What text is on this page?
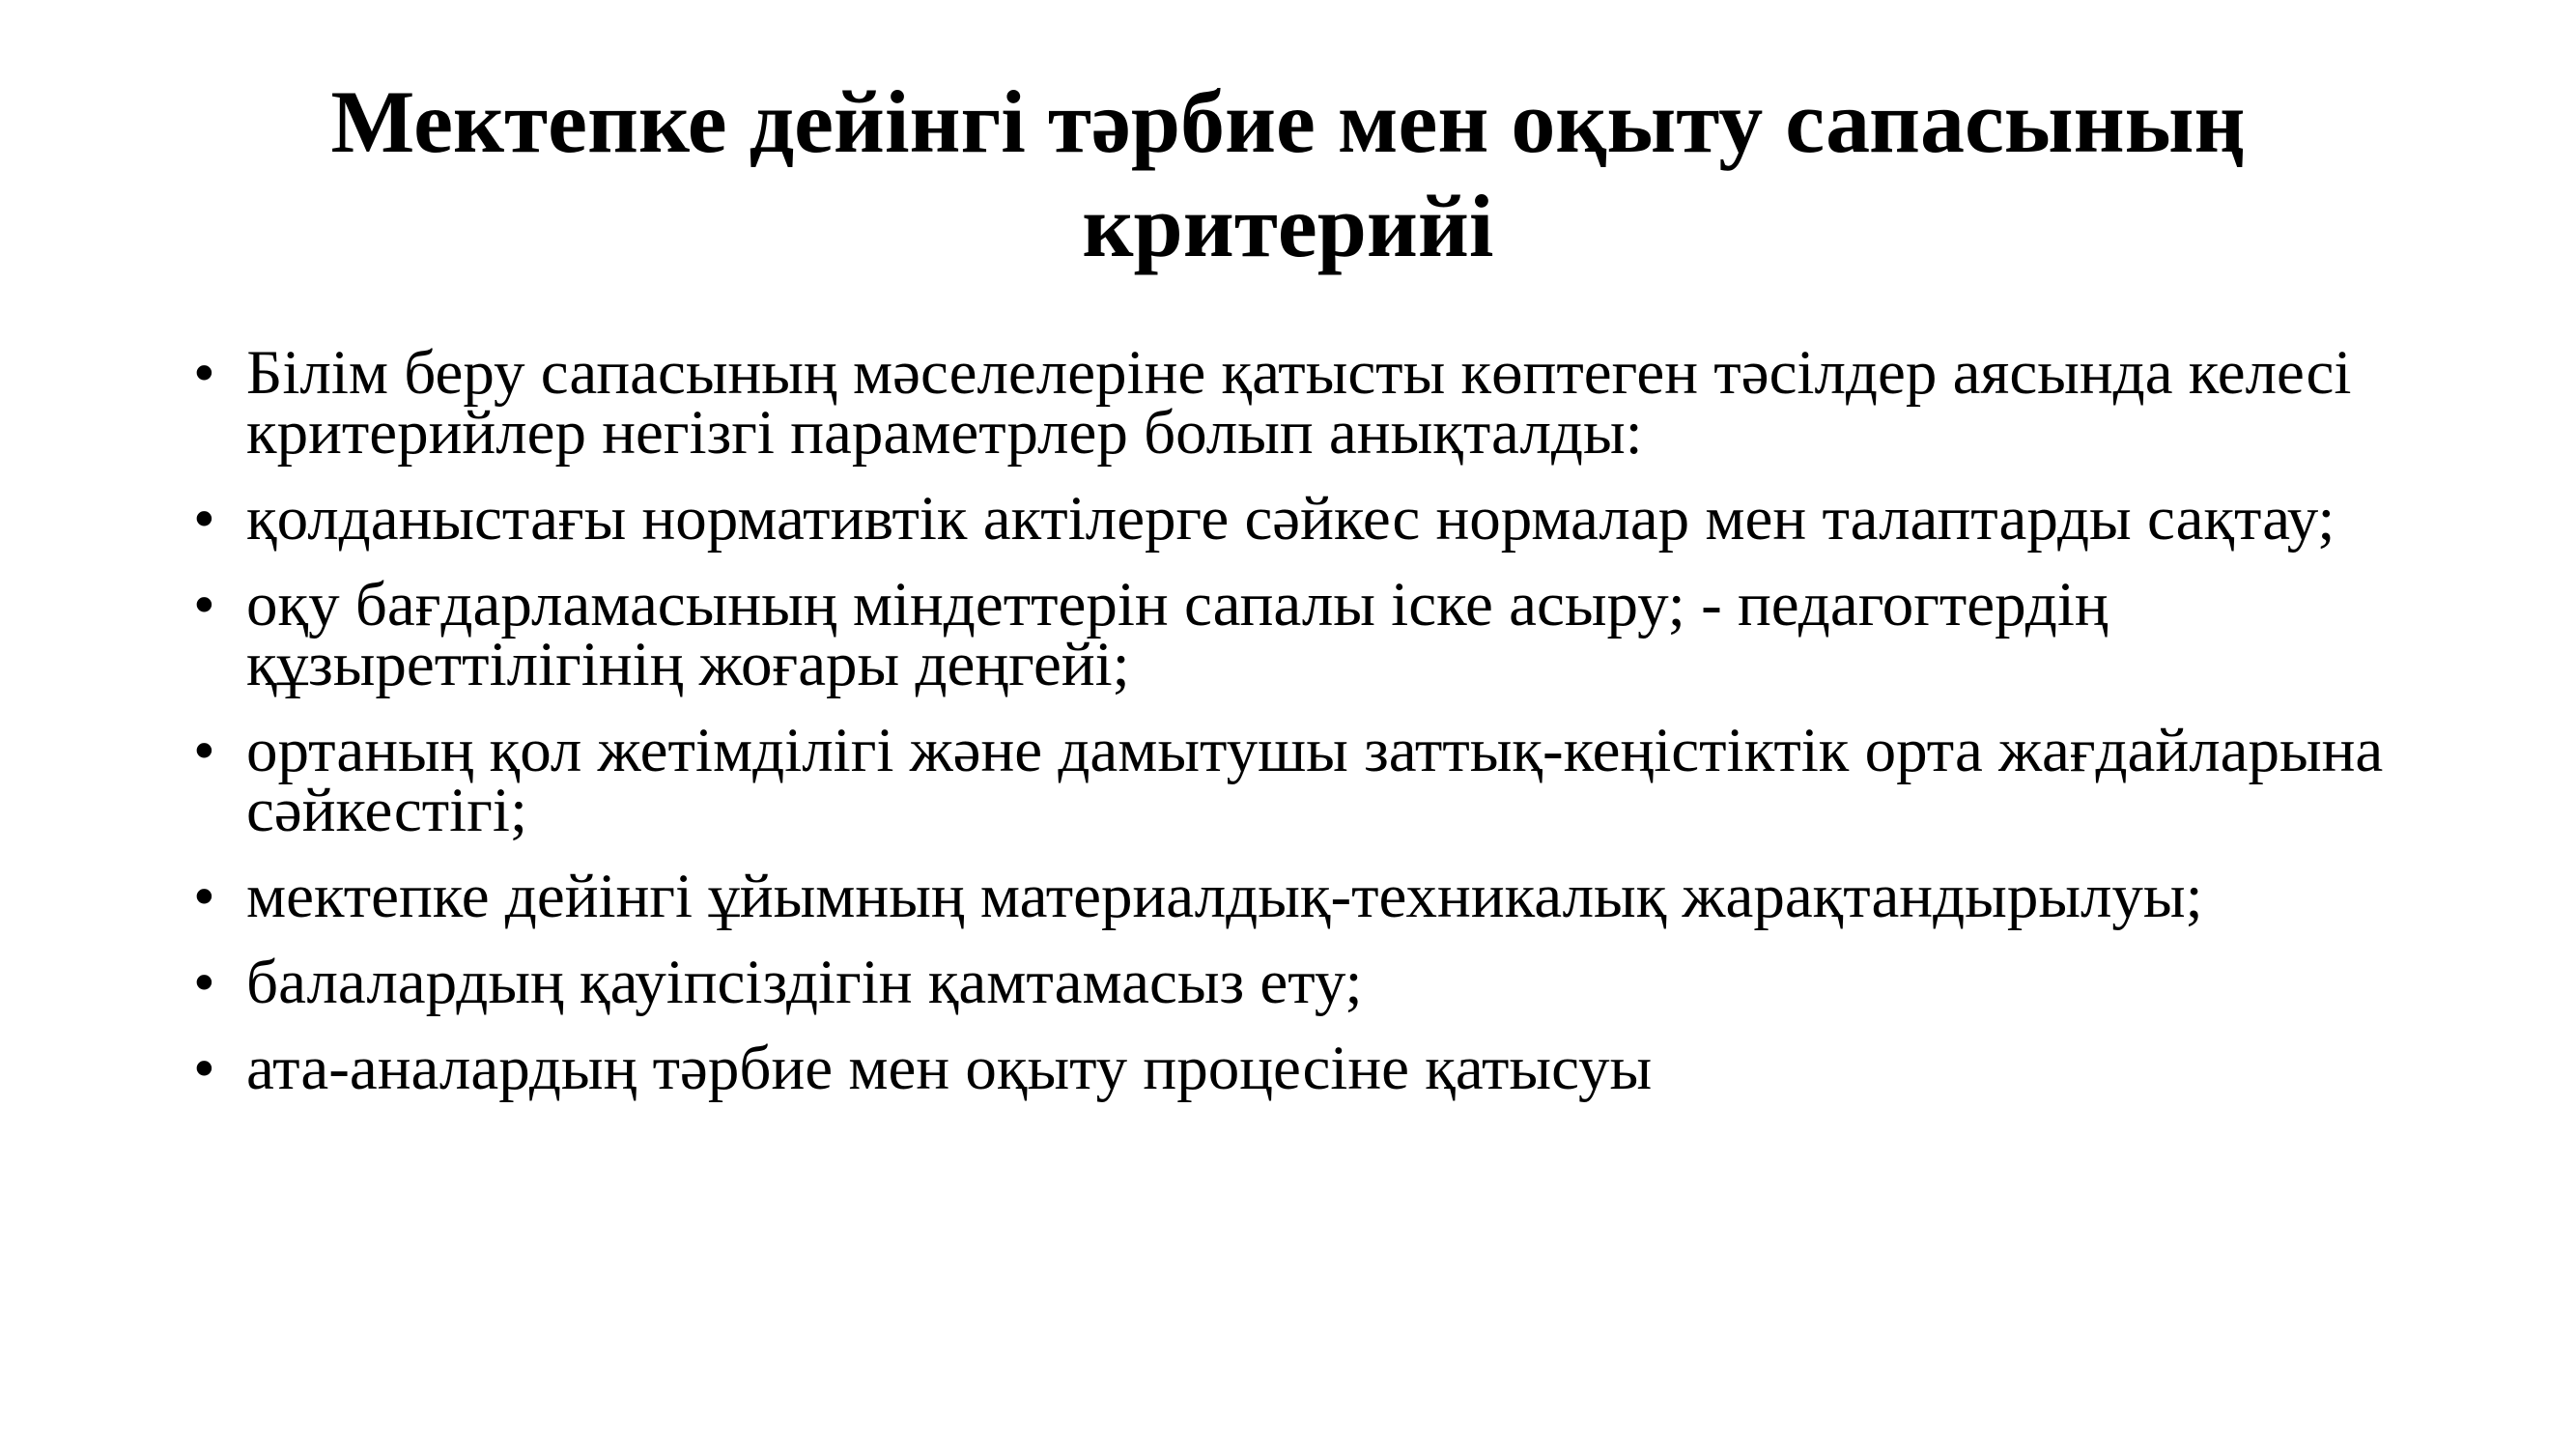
Мектепке дейінгі тәрбие мен оқыту сапасының критерийі
• Білім беру сапасының мәселелеріне қатысты көптеген тәсілдер аясында келесі критерийлер негізгі параметрлер болып анықталды:
• қолданыстағы нормативтік актілерге сәйкес нормалар мен талаптарды сақтау;
• оқу бағдарламасының міндеттерін сапалы іске асыру; - педагогтердің құзыреттілігінің жоғары деңгейі;
• ортаның қол жетімділігі және дамытушы заттық-кеңістіктік орта жағдайларына сәйкестігі;
• мектепке дейінгі ұйымның материалдық-техникалық жарақтандырылуы;
• балалардың қауіпсіздігін қамтамасыз ету;
• ата-аналардың тәрбие мен оқыту процесіне қатысуы
